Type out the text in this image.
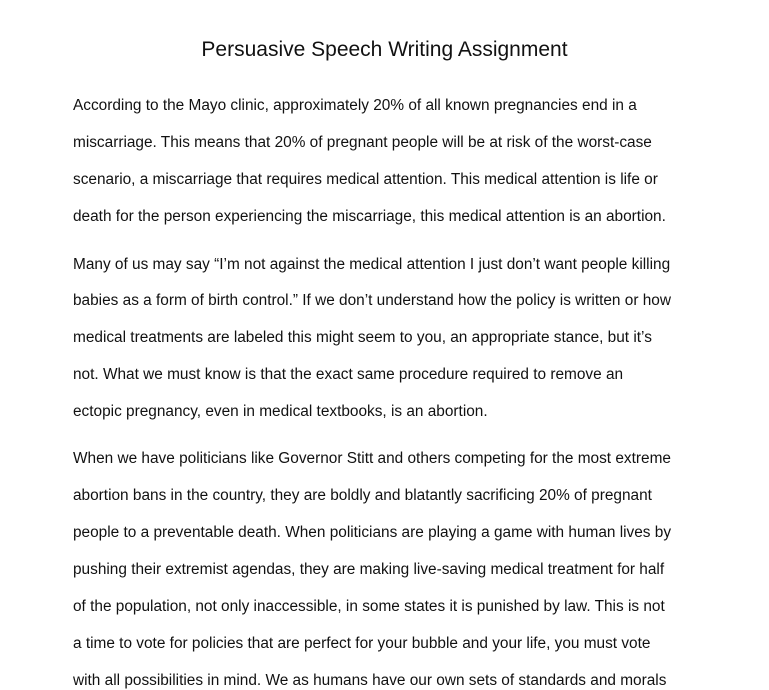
Persuasive Speech Writing Assignment
According to the Mayo clinic, approximately 20% of all known pregnancies end in a
miscarriage. This means that 20% of pregnant people will be at risk of the worst-case
scenario, a miscarriage that requires medical attention. This medical attention is life or
death for the person experiencing the miscarriage, this medical attention is an abortion.
Many of us may say “I’m not against the medical attention I just don’t want people killing
babies as a form of birth control.” If we don’t understand how the policy is written or how
medical treatments are labeled this might seem to you, an appropriate stance, but it’s
not. What we must know is that the exact same procedure required to remove an
ectopic pregnancy, even in medical textbooks, is an abortion.
When we have politicians like Governor Stitt and others competing for the most extreme
abortion bans in the country, they are boldly and blatantly sacrificing 20% of pregnant
people to a preventable death. When politicians are playing a game with human lives by
pushing their extremist agendas, they are making live-saving medical treatment for half
of the population, not only inaccessible, in some states it is punished by law. This is not
a time to vote for policies that are perfect for your bubble and your life, you must vote
with all possibilities in mind. We as humans have our own sets of standards and morals
